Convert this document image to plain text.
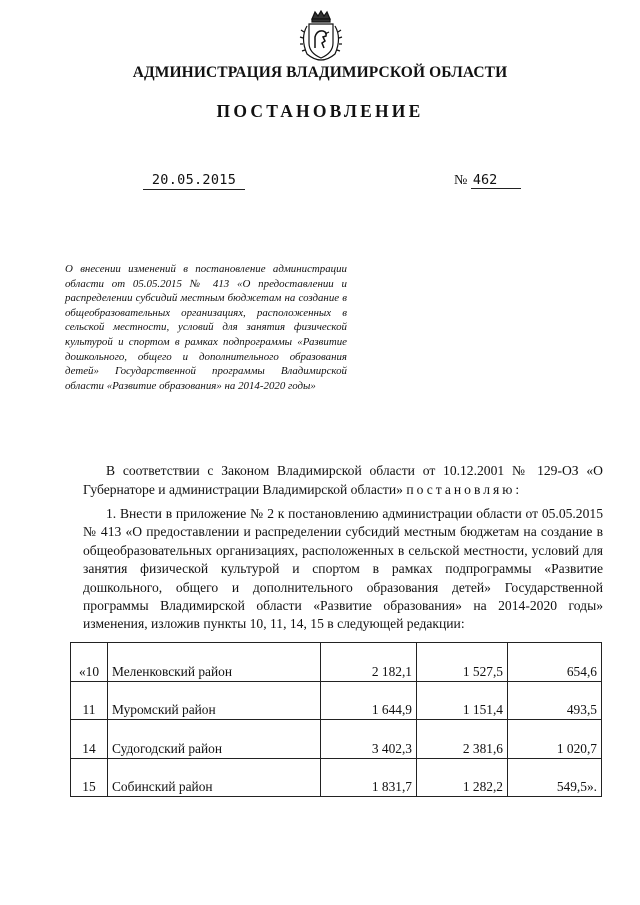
АДМИНИСТРАЦИЯ ВЛАДИМИРСКОЙ ОБЛАСТИ
ПОСТАНОВЛЕНИЕ
20.05.2015	№ 462
О внесении изменений в постановление администрации области от 05.05.2015 № 413 «О предоставлении и распределении субсидий местным бюджетам на создание в общеобразовательных организациях, расположенных в сельской местности, условий для занятия физической культурой и спортом в рамках подпрограммы «Развитие дошкольного, общего и дополнительного образования детей» Государственной программы Владимирской области «Развитие образования» на 2014-2020 годы»
В соответствии с Законом Владимирской области от 10.12.2001 № 129-ОЗ «О Губернаторе и администрации Владимирской области» постановляю:
1. Внести в приложение № 2 к постановлению администрации области от 05.05.2015 № 413 «О предоставлении и распределении субсидий местным бюджетам на создание в общеобразовательных организациях, расположенных в сельской местности, условий для занятия физической культурой и спортом в рамках подпрограммы «Развитие дошкольного, общего и дополнительного образования детей» Государственной программы Владимирской области «Развитие образования» на 2014-2020 годы» изменения, изложив пункты 10, 11, 14, 15 в следующей редакции:
«10	Меленковский район	2 182,1	1 527,5	654,6
11	Муромский район	1 644,9	1 151,4	493,5
14	Судогодский район	3 402,3	2 381,6	1 020,7
15	Собинский район	1 831,7	1 282,2	549,5».
